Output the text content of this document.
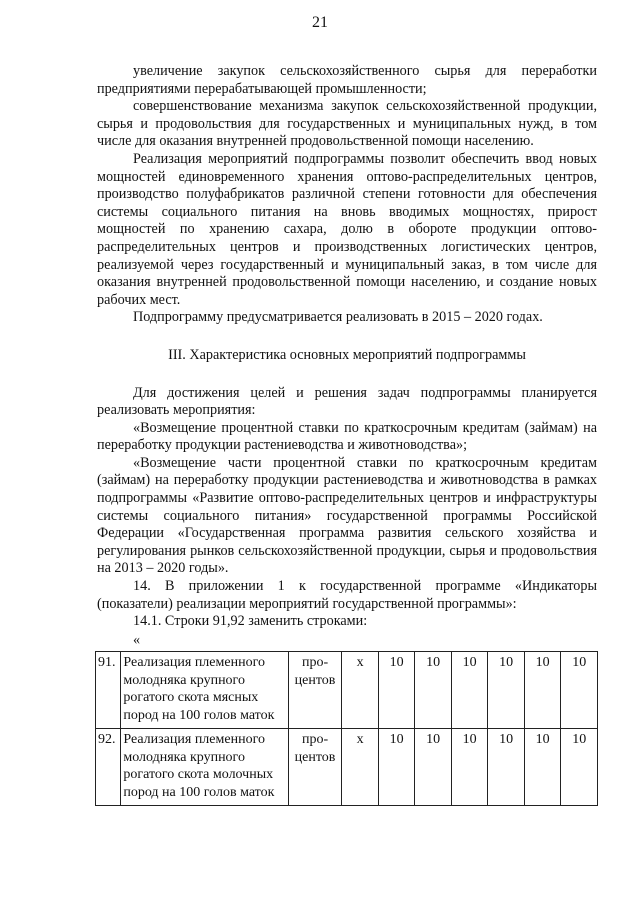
21

увеличение закупок сельскохозяйственного сырья для переработки предприятиями перерабатывающей промышленности;

совершенствование механизма закупок сельскохозяйственной продукции, сырья и продовольствия для государственных и муниципальных нужд, в том числе для оказания внутренней продовольственной помощи населению.

Реализация мероприятий подпрограммы позволит обеспечить ввод новых мощностей единовременного хранения оптово-распределительных центров, производство полуфабрикатов различной степени готовности для обеспечения системы социального питания на вновь вводимых мощностях, прирост мощностей по хранению сахара, долю в обороте продукции оптово-распределительных центров и производственных логистических центров, реализуемой через государственный и муниципальный заказ, в том числе для оказания внутренней продовольственной помощи населению, и создание новых рабочих мест.

Подпрограмму предусматривается реализовать в 2015 – 2020 годах.

III. Характеристика основных мероприятий подпрограммы

Для достижения целей и решения задач подпрограммы планируется реализовать мероприятия:

«Возмещение процентной ставки по краткосрочным кредитам (займам) на переработку продукции растениеводства и животноводства»;

«Возмещение части процентной ставки по краткосрочным кредитам (займам) на переработку продукции растениеводства и животноводства в рамках подпрограммы «Развитие оптово-распределительных центров и инфраструктуры системы социального питания» государственной программы Российской Федерации «Государственная программа развития сельского хозяйства и регулирования рынков сельскохозяйственной продукции, сырья и продовольствия на 2013 – 2020 годы».

14. В приложении 1 к государственной программе «Индикаторы (показатели) реализации мероприятий государственной программы»:

14.1. Строки 91,92 заменить строками:

«

91.	Реализация племенного молодняка крупного рогатого скота мясных пород на 100 голов маток	про-центов	х	10	10	10	10	10	10
92.	Реализация племенного молодняка крупного рогатого скота молочных пород на 100 голов маток	про-центов	х	10	10	10	10	10	10
